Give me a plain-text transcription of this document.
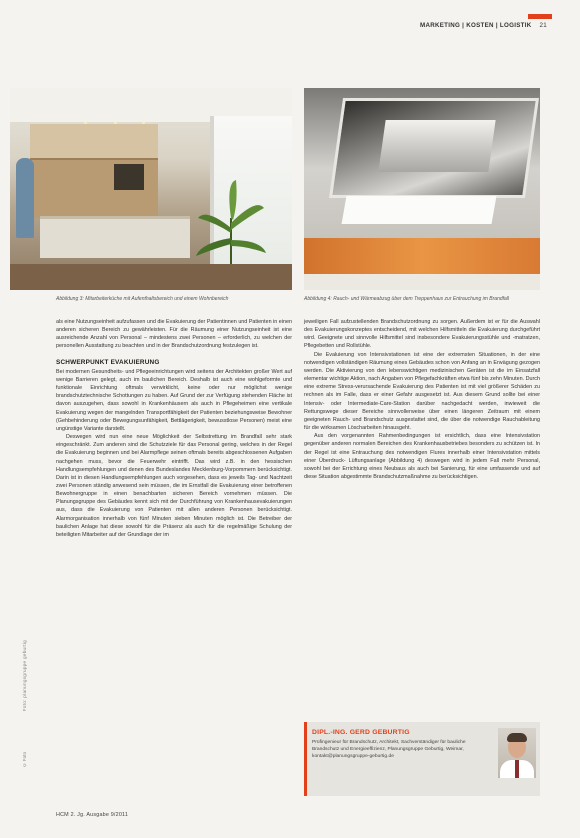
MARKETING | KOSTEN | LOGISTIK 21
Abbildung 3: Mitarbeiterküche mit Aufenthaltsbereich und einem Wohnbereich	Abbildung 4: Rauch- und Wärmeabzug über dem Treppenhaus zur Entrauchung im Brandfall

als eine Nutzungseinheit aufzufassen und die Evakuierung der Patientinnen und Patienten in einen anderen sicheren Bereich zu gewährleisten. Für die Räumung einer Nutzungseinheit ist eine ausreichende Anzahl von Personal – mindestens zwei Personen – erforderlich, zu welchen der personellen Ausstattung zu beachten und in der Brandschutzordnung festzulegen ist.

SCHWERPUNKT EVAKUIERUNG

Bei modernen Gesundheits- und Pflegeeinrichtungen wird seitens der Architekten großer Wert auf wenige Barrieren gelegt, auch im baulichen Bereich. Deshalb ist auch eine wohlgeformte und funktionale Einrichtung oftmals verwirklicht, keine oder nur möglichst wenige brandschutztechnische Schottungen zu haben. Auf Grund der zur Verfügung stehenden Fläche ist davon auszugehen, dass sowohl in Krankenhäusern als auch in Pflegeheimen eine vertikale Evakuierung wegen der mangelnden Transportfähigkeit der Patienten beziehungsweise Bewohner (Gehbehinderung oder Bewegungsunfähigkeit, Bettlägerigkeit, bewusstlose Personen) meist eine ungünstige Variante darstellt.

Deswegen wird nun eine neue Möglichkeit der Selbstrettung im Brandfall sehr stark eingeschränkt. Zum anderen sind die Schutzziele für das Personal gering, welches in der Regel die Evakuierung beginnen und bei Alarmpflege seinen oftmals bereits abgeschlossenen Aufgaben nachgehen muss, bevor die Feuerwehr eintrifft. Das wird z.B. in den hessischen Handlungsempfehlungen und denen des Bundeslandes Mecklenburg-Vorpommern berücksichtigt. Darin ist in diesen Handlungsempfehlungen auch vorgesehen, dass es jeweils Tag- und Nachtzeit zwei Personen ständig anwesend sein müssen, die im Ernstfall die Evakuierung einer betroffenen Bewohnergruppe in einen benachbarten sicheren Bereich vornehmen müssen. Die Planungsgruppe des Gebäudes kennt sich mit der Durchführung von Krankenhausevakuierungen aus, dass die Evakuierung von Patienten mit allen anderen Personen berücksichtigt. Alarmorganisation innerhalb von fünf Minuten sieben Minuten möglich ist. Die Betreiber der baulichen Anlage hat diese sowohl für die Präsenz als auch für die regelmäßige Schulung der beteiligten Mitarbeiter auf der Grundlage der im

jeweiligen Fall aufzustellenden Brandschutzordnung zu sorgen. Außerdem ist er für die Auswahl des Evakuierungskonzeptes entscheidend, mit welchen Hilfsmitteln die Evakuierung durchgeführt wird. Geeignete und sinnvolle Hilfsmittel sind insbesondere Evakuierungsstühle und -matratzen, Pflegebetten und Rollstühle.

Die Evaluierung von Intensivstationen ist eine der extremsten Situationen, in der eine notwendigen vollständigen Räumung eines Gebäudes schon von Anfang an in Erwägung gezogen werden. Die Aktivierung von den lebenswichtigen medizinischen Geräten ist die im Einsatzfall elementar wichtige Aktion, nach Angaben von Pflegefachkräften etwa fünf bis zehn Minuten. Durch eine extreme Stress-verursachende Evakuierung des Patienten ist mit viel größerer Schäden zu rechnen als im Falle, dass er einer Gefahr ausgesetzt ist. Aus diesem Grund sollte bei einer Intensiv- oder Intermediate-Care-Station darüber nachgedacht werden, inwieweit die Rettungswege dieser Bereiche sinnvollerweise über einen längeren Zeitraum mit einem geeigneten Rauch- und Brandschutz ausgestattet sind, die über die notwendige Rauchableitung für die wirksamen Löscharbeiten hinausgeht.

Aus den vorgenannten Rahmenbedingungen ist ersichtlich, dass eine Intensivstation gegenüber anderen normalen Bereichen des Krankenhausbetriebes besonders zu schützen ist. In der Regel ist eine Entrauchung des notwendigen Flures innerhalb einer Intensivstation mittels einer Überdruck- Lüftungsanlage (Abbildung 4) deswegen wird in jedem Fall mehr Personal, sowohl bei der Errichtung eines Neubaus als auch bei Sanierung, für eine umfassende und auf diese Situation abgestimmte Brandschutzmaßnahme zu berücksichtigen.

Foto: planungsgruppe geburtig
© Foto
DIPL.-ING. GERD GEBURTIG
Prüfingenieur für Brandschutz, Architekt, Sachverständiger für bauliche Brandschutz und Energieeffizienz, Planungsgruppe Geburtig, Weimar, kontakt@planungsgruppe-geburtig.de
HCM 2. Jg. Ausgabe 9/2011
